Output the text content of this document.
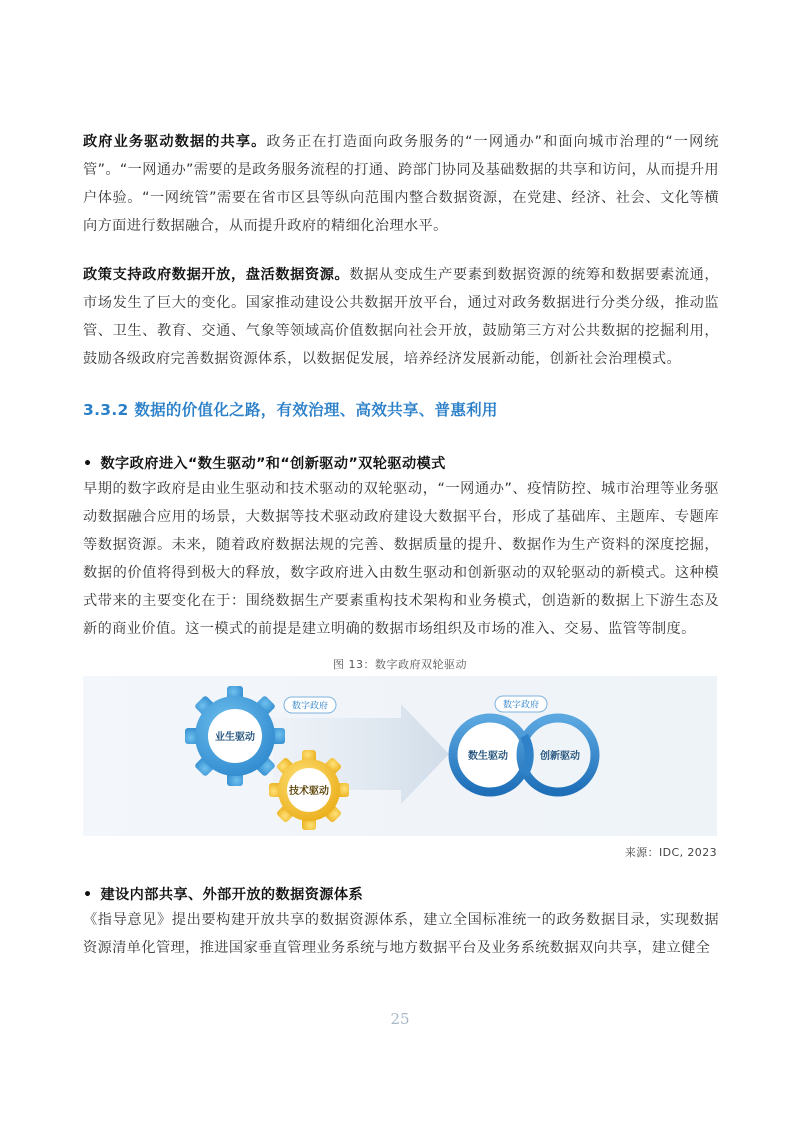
政府业务驱动数据的共享。政务正在打造面向政务服务的“一网通办”和面向城市治理的“一网统管”。“一网通办”需要的是政务服务流程的打通、跨部门协同及基础数据的共享和访问，从而提升用户体验。“一网统管”需要在省市区县等纵向范围内整合数据资源，在党建、经济、社会、文化等横向方面进行数据融合，从而提升政府的精细化治理水平。

政策支持政府数据开放，盘活数据资源。数据从变成生产要素到数据资源的统筹和数据要素流通，市场发生了巨大的变化。国家推动建设公共数据开放平台，通过对政务数据进行分类分级，推动监管、卫生、教育、交通、气象等领域高价值数据向社会开放，鼓励第三方对公共数据的挖掘利用，鼓励各级政府完善数据资源体系，以数据促发展，培养经济发展新动能，创新社会治理模式。

3.3.2 数据的价值化之路，有效治理、高效共享、普惠利用
• 数字政府进入“数生驱动”和“创新驱动”双轮驱动模式

早期的数字政府是由业生驱动和技术驱动的双轮驱动，“一网通办”、疫情防控、城市治理等业务驱动数据融合应用的场景，大数据等技术驱动政府建设大数据平台，形成了基础库、主题库、专题库等数据资源。未来，随着政府数据法规的完善、数据质量的提升、数据作为生产资料的深度挖掘，数据的价值将得到极大的释放，数字政府进入由数生驱动和创新驱动的双轮驱动的新模式。这种模式带来的主要变化在于：围绕数据生产要素重构技术架构和业务模式，创造新的数据上下游生态及新的商业价值。这一模式的前提是建立明确的数据市场组织及市场的准入、交易、监管等制度。

图 13：数字政府双轮驱动
数字政府
业生驱动
技术驱动
数字政府
数生驱动	创新驱动
来源：IDC, 2023
• 建设内部共享、外部开放的数据资源体系

《指导意见》提出要构建开放共享的数据资源体系，建立全国标准统一的政务数据目录，实现数据资源清单化管理，推进国家垂直管理业务系统与地方数据平台及业务系统数据双向共享，建立健全

25
